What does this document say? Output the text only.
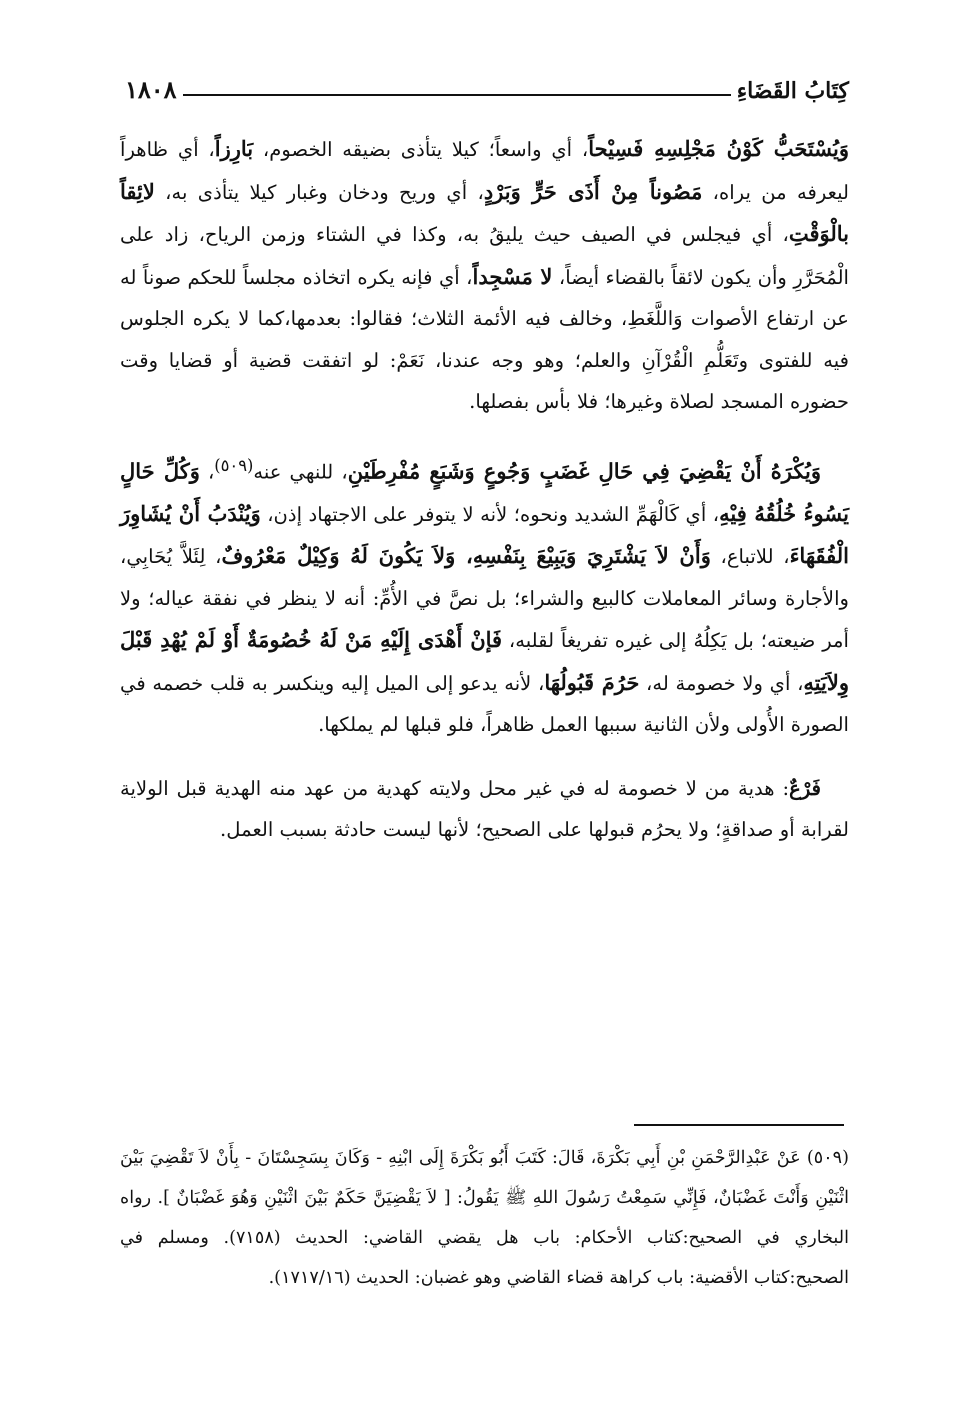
كِتَابُ القَضَاءِ
١٨٠٨

وَيُسْتَحَبُّ كَوْنُ مَجْلِسِهِ فَسِيْحاً، أي واسعاً؛ كيلا يتأذى بضيقه الخصوم، بَارِزاً، أي ظاهراً ليعرفه من يراه، مَصُوناً مِنْ أَذَى حَرٍّ وَبَرْدٍ، أي وريح ودخان وغبار كيلا يتأذى به، لائِقاً بالْوَقْتِ، أي فيجلس في الصيف حيث يليقُ به، وكذا في الشتاء وزمن الرياح، زاد على الْمُحَرَّرِ وأن يكون لائقاً بالقضاء أيضاً، لا مَسْجِداً، أي فإنه يكره اتخاذه مجلساً للحكم صوناً له عن ارتفاع الأصوات وَاللَّغَطِ، وخالف فيه الأئمة الثلاث؛ فقالوا: بعدمها،كما لا يكره الجلوس فيه للفتوى وتَعَلُّمِ الْقُرْآنِ والعلم؛ وهو وجه عندنا، نَعَمْ: لو اتفقت قضية أو قضايا وقت حضوره المسجد لصلاة وغيرها؛ فلا بأس بفصلها.

وَيُكْرَهُ أَنْ يَقْضِيَ فِي حَالِ غَضَبٍ وَجُوعٍ وَشَبَعٍ مُفْرِطَيْنِ، للنهي عنه$^{(٥٠٩)}$، وَكُلِّ حَالٍ يَسُوءُ خُلُقُهُ فِيْهِ، أي كَالْهَمِّ الشديد ونحوه؛ لأنه لا يتوفر على الاجتهاد إذن، وَيُنْدَبُ أَنْ يُشَاوِرَ الْفُقَهَاءَ، للاتباع، وَأَنْ لاَ يَشْتَرِيَ وَيَبِيْعَ بِنَفْسِهِ، وَلاَ يَكُونَ لَهُ وَكِيْلٌ مَعْرُوفٌ، لِئَلاَّ يُحَابِي، والأجارة وسائر المعاملات كالبيع والشراء؛ بل نصَّ في الأُمِّ: أنه لا ينظر في نفقة عياله؛ ولا أمر ضيعته؛ بل يَكِلُهُ إلى غيره تفريغاً لقلبه، فَإنْ أَهْدَى إِلَيْهِ مَنْ لَهُ خُصُومَةٌ أَوْ لَمْ يُهْدِ قَبْلَ وِلاَيَتِهِ، أي ولا خصومة له، حَرُمَ قَبُولُهَا، لأنه يدعو إلى الميل إليه وينكسر به قلب خصمه في الصورة الأُولى ولأن الثانية سببها العمل ظاهراً، فلو قبلها لم يملكها.

فَرْعٌ: هدية من لا خصومة له في غير محل ولايته كهدية من عهد منه الهدية قبل الولاية لقرابة أو صداقةٍ؛ ولا يحرُم قبولها على الصحيح؛ لأنها ليست حادثة بسبب العمل.

(٥٠٩) عَنْ عَبْدِالرَّحْمَنِ بْنِ أَبِي بَكْرَةَ، قَالَ: كَتَبَ أَبُو بَكْرَةَ إِلَى ابْنِهِ - وَكَانَ بِسَجِسْتَانَ - بِأَنْ لاَ تَقْضِيَ بَيْنَ اثْنَيْنِ وَأَنْتَ غَضْبَانٌ، فَإِنِّي سَمِعْتُ رَسُولَ اللهِ ﷺ يَقُولُ: [ لاَ يَقْضِيَنَّ حَكَمٌ بَيْنَ اثْنَيْنِ وَهُوَ غَضْبَانٌ ]. رواه البخاري في الصحيح:كتاب الأحكام: باب هل يقضي القاضي: الحديث (٧١٥٨). ومسلم في الصحيح:كتاب الأقضية: باب كراهة قضاء القاضي وهو غضبان: الحديث (١٧١٧/١٦).
